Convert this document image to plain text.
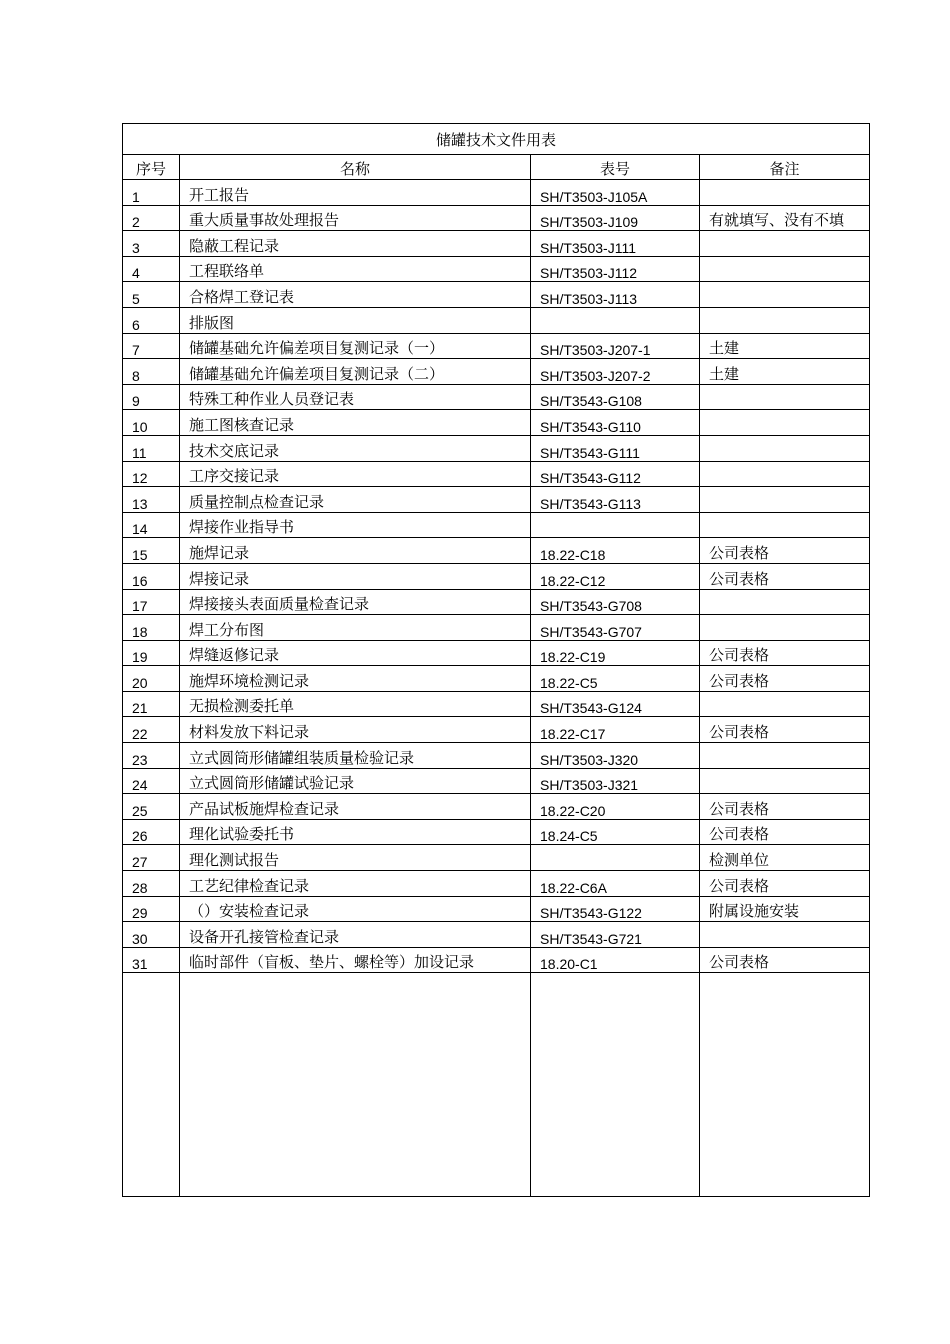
储罐技术文件用表			
序号	名称	表号	备注
1	开工报告	SH/T3503-J105A	
2	重大质量事故处理报告	SH/T3503-J109	有就填写、没有不填
3	隐蔽工程记录	SH/T3503-J111	
4	工程联络单	SH/T3503-J112	
5	合格焊工登记表	SH/T3503-J113	
6	排版图		
7	储罐基础允许偏差项目复测记录（一）	SH/T3503-J207-1	土建
8	储罐基础允许偏差项目复测记录（二）	SH/T3503-J207-2	土建
9	特殊工种作业人员登记表	SH/T3543-G108	
10	施工图核查记录	SH/T3543-G110	
11	技术交底记录	SH/T3543-G111	
12	工序交接记录	SH/T3543-G112	
13	质量控制点检查记录	SH/T3543-G113	
14	焊接作业指导书		
15	施焊记录	18.22-C18	公司表格
16	焊接记录	18.22-C12	公司表格
17	焊接接头表面质量检查记录	SH/T3543-G708	
18	焊工分布图	SH/T3543-G707	
19	焊缝返修记录	18.22-C19	公司表格
20	施焊环境检测记录	18.22-C5	公司表格
21	无损检测委托单	SH/T3543-G124	
22	材料发放下料记录	18.22-C17	公司表格
23	立式圆筒形储罐组装质量检验记录	SH/T3503-J320	
24	立式圆筒形储罐试验记录	SH/T3503-J321	
25	产品试板施焊检查记录	18.22-C20	公司表格
26	理化试验委托书	18.24-C5	公司表格
27	理化测试报告		检测单位
28	工艺纪律检查记录	18.22-C6A	公司表格
29	（）安装检查记录	SH/T3543-G122	附属设施安装
30	设备开孔接管检查记录	SH/T3543-G721	
31	临时部件（盲板、垫片、螺栓等）加设记录	18.20-C1	公司表格
